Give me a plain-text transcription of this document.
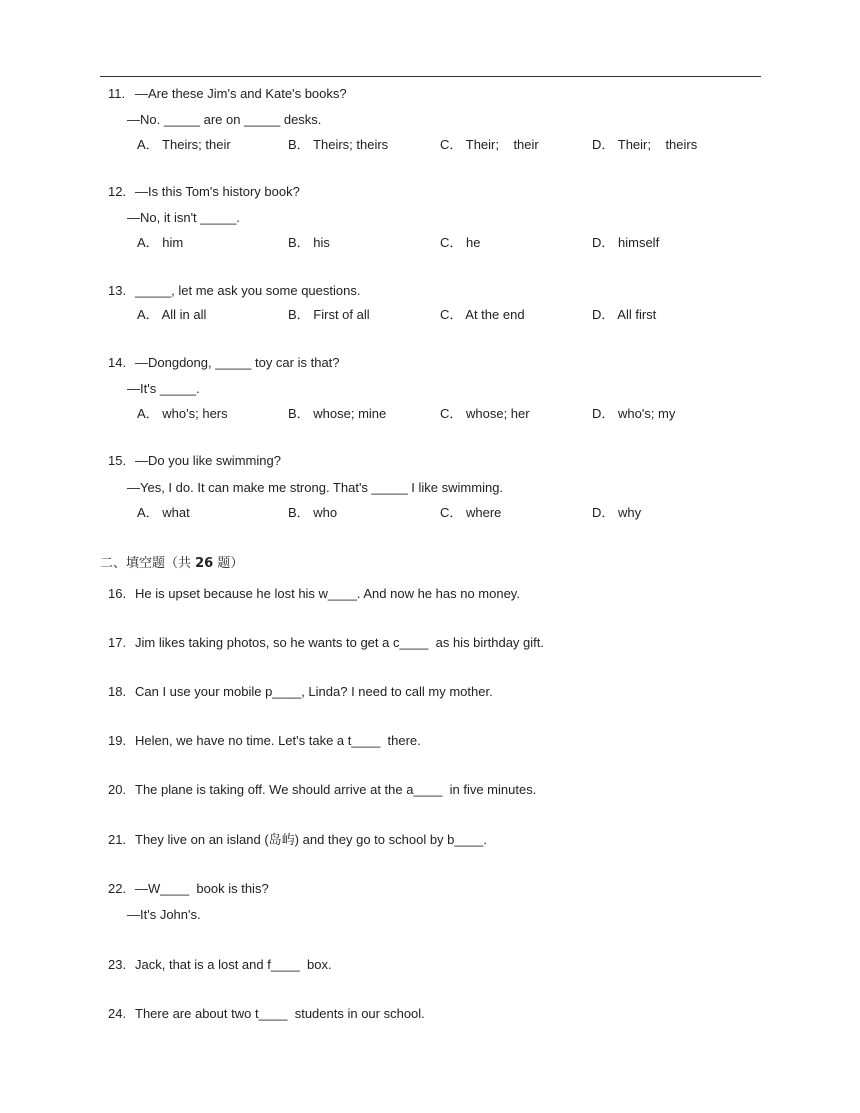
11. —Are these Jim's and Kate's books?
—No. _____ are on _____ desks.
A． Theirs; their	B． Theirs; theirs	C． Their;    their	D． Their;    theirs
12. —Is this Tom's history book?
—No, it isn't _____.
A． him	B． his	C． he	D． himself
13. _____, let me ask you some questions.
A． All in all	B． First of all	C． At the end	D． All first
14. —Dongdong, _____ toy car is that?
—It's _____.
A． who's; hers	B． whose; mine	C． whose; her	D． who's; my
15. —Do you like swimming?
—Yes, I do. It can make me strong. That's _____ I like swimming.
A． what	B． who	C． where	D． why
二、填空题（共 26 题）
16. He is upset because he lost his w____. And now he has no money.
17. Jim likes taking photos, so he wants to get a c____  as his birthday gift.
18. Can I use your mobile p____, Linda? I need to call my mother.
19. Helen, we have no time. Let's take a t____  there.
20. The plane is taking off. We should arrive at the a____  in five minutes.
21. They live on an island (岛屿) and they go to school by b____.
22. —W____  book is this?
—It's John's.
23. Jack, that is a lost and f____  box.
24. There are about two t____  students in our school.
